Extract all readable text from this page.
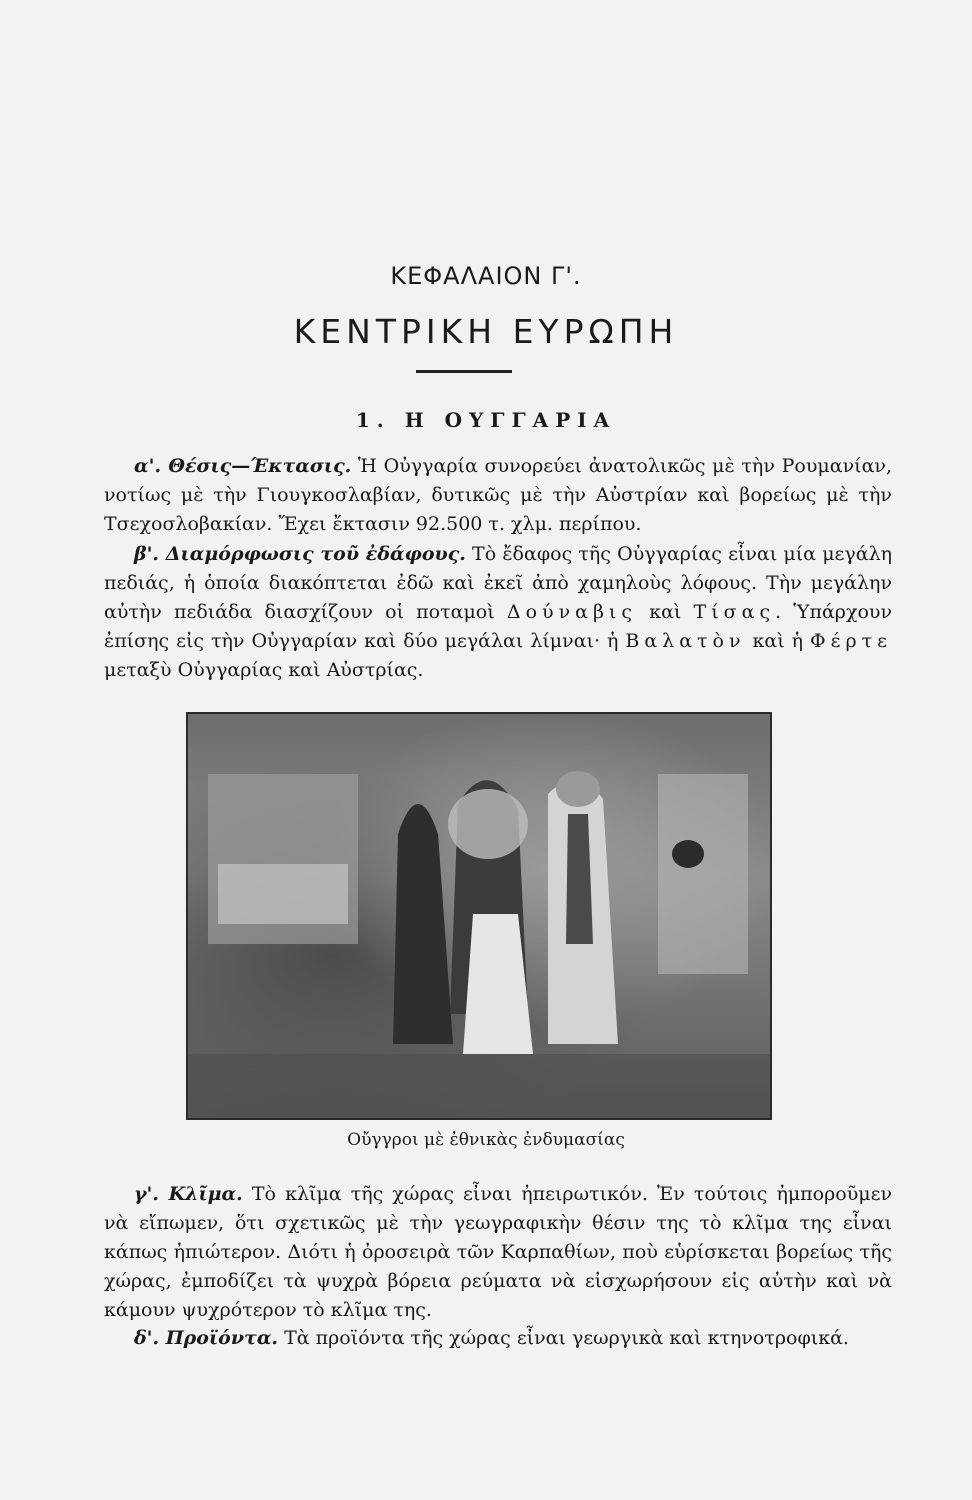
ΚΕΦΑΛΑΙΟΝ Γ'.
ΚΕΝΤΡΙΚΗ ΕΥΡΩΠΗ
1. Η ΟΥΓΓΑΡΙΑ

α'. Θέσις—Έκτασις. Ἡ Οὐγγαρία συνορεύει ἀνατολικῶς μὲ τὴν Ρουμανίαν, νοτίως μὲ τὴν Γιουγκοσλαβίαν, δυτικῶς μὲ τὴν Αὐστρίαν καὶ βορείως μὲ τὴν Τσεχοσλοβακίαν. Ἔχει ἔκτασιν 92.500 τ. χλμ. περίπου.

β'. Διαμόρφωσις τοῦ ἐδάφους. Τὸ ἔδαφος τῆς Οὐγγαρίας εἶναι μία μεγάλη πεδιάς, ἡ ὁποία διακόπτεται ἐδῶ καὶ ἐκεῖ ἀπὸ χαμηλοὺς λόφους. Τὴν μεγάλην αὐτὴν πεδιάδα διασχίζουν οἱ ποταμοὶ Δούναβις καὶ Τίσας. Ὑπάρχουν ἐπίσης εἰς τὴν Οὐγγαρίαν καὶ δύο μεγάλαι λίμναι· ἡ Βαλατὸν καὶ ἡ Φέρτε μεταξὺ Οὐγγαρίας καὶ Αὐστρίας.

Οὔγγροι μὲ ἐθνικὰς ἐνδυμασίας

γ'. Κλῖμα. Τὸ κλῖμα τῆς χώρας εἶναι ἠπειρωτικόν. Ἐν τούτοις ἠμποροῦμεν νὰ εἴπωμεν, ὅτι σχετικῶς μὲ τὴν γεωγραφικὴν θέσιν της τὸ κλῖμα της εἶναι κάπως ἠπιώτερον. Διότι ἡ ὀροσειρὰ τῶν Καρπαθίων, ποὺ εὑρίσκεται βορείως τῆς χώρας, ἐμποδίζει τὰ ψυχρὰ βόρεια ρεύματα νὰ εἰσχωρήσουν εἰς αὐτὴν καὶ νὰ κάμουν ψυχρότερον τὸ κλῖμα της.

δ'. Προϊόντα. Τὰ προϊόντα τῆς χώρας εἶναι γεωργικὰ καὶ κτηνοτροφικά.
